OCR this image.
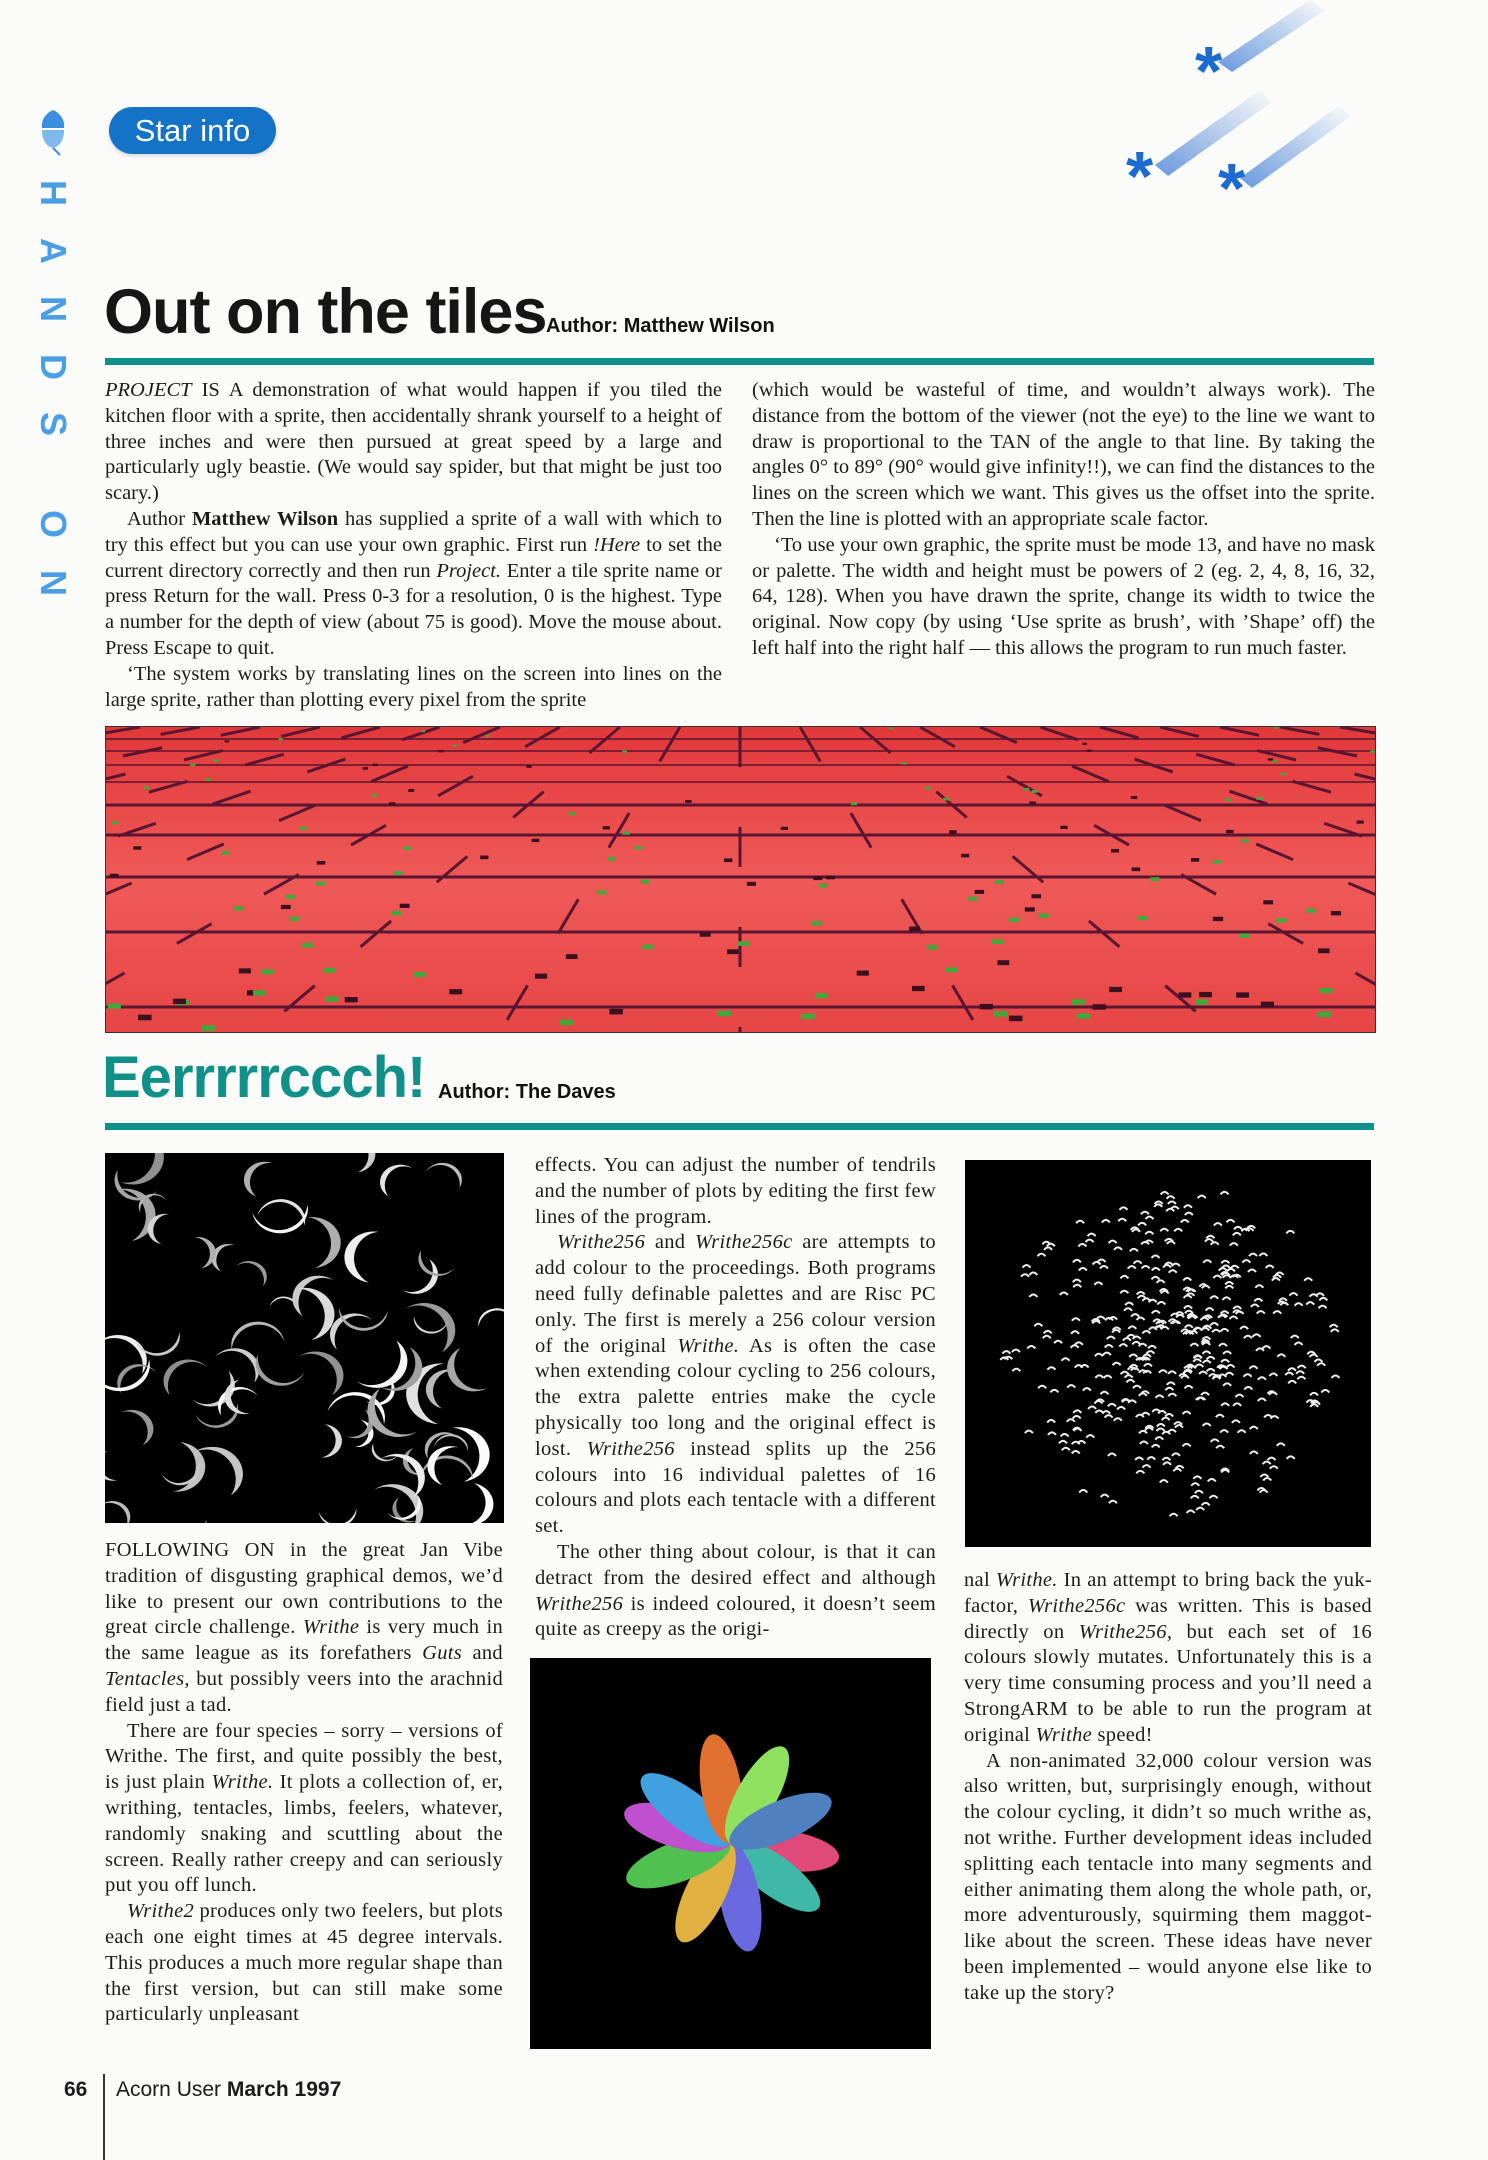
*
* *
HANDS ON
Star info
Out on the tiles Author: Matthew Wilson

PROJECT IS A demonstration of what would happen if you tiled the kitchen floor with a sprite, then accidentally shrank yourself to a height of three inches and were then pursued at great speed by a large and particularly ugly beastie. (We would say spider, but that might be just too scary.)

Author Matthew Wilson has supplied a sprite of a wall with which to try this effect but you can use your own graphic. First run !Here to set the current directory correctly and then run Project. Enter a tile sprite name or press Return for the wall. Press 0-3 for a resolution, 0 is the highest. Type a number for the depth of view (about 75 is good). Move the mouse about. Press Escape to quit.

‘The system works by translating lines on the screen into lines on the large sprite, rather than plotting every pixel from the sprite

(which would be wasteful of time, and wouldn’t always work). The distance from the bottom of the viewer (not the eye) to the line we want to draw is proportional to the TAN of the angle to that line. By taking the angles 0° to 89° (90° would give infinity!!), we can find the distances to the lines on the screen which we want. This gives us the offset into the sprite. Then the line is plotted with an appropriate scale factor.

‘To use your own graphic, the sprite must be mode 13, and have no mask or palette. The width and height must be powers of 2 (eg. 2, 4, 8, 16, 32, 64, 128). When you have drawn the sprite, change its width to twice the original. Now copy (by using ‘Use sprite as brush’, with ’Shape’ off) the left half into the right half — this allows the program to run much faster.

Eerrrrrccch! Author: The Daves

FOLLOWING ON in the great Jan Vibe tradition of disgusting graphical demos, we’d like to present our own contributions to the great circle challenge. Writhe is very much in the same league as its forefathers Guts and Tentacles, but possibly veers into the arachnid field just a tad.

There are four species – sorry – versions of Writhe. The first, and quite possibly the best, is just plain Writhe. It plots a collection of, er, writhing, tentacles, limbs, feelers, whatever, randomly snaking and scuttling about the screen. Really rather creepy and can seriously put you off lunch.

Writhe2 produces only two feelers, but plots each one eight times at 45 degree intervals. This produces a much more regular shape than the first version, but can still make some particularly unpleasant

effects. You can adjust the number of tendrils and the number of plots by editing the first few lines of the program.

Writhe256 and Writhe256c are attempts to add colour to the proceedings. Both programs need fully definable palettes and are Risc PC only. The first is merely a 256 colour version of the original Writhe. As is often the case when extending colour cycling to 256 colours, the extra palette entries make the cycle physically too long and the original effect is lost. Writhe256 instead splits up the 256 colours into 16 individual palettes of 16 colours and plots each tentacle with a different set.

The other thing about colour, is that it can detract from the desired effect and although Writhe256 is indeed coloured, it doesn’t seem quite as creepy as the origi-

nal Writhe. In an attempt to bring back the yuk-factor, Writhe256c was written. This is based directly on Writhe256, but each set of 16 colours slowly mutates. Unfortunately this is a very time consuming process and you’ll need a StrongARM to be able to run the program at original Writhe speed!

A non-animated 32,000 colour version was also written, but, surprisingly enough, without the colour cycling, it didn’t so much writhe as, not writhe. Further development ideas included splitting each tentacle into many segments and either animating them along the whole path, or, more adventurously, squirming them maggot-like about the screen. These ideas have never been implemented – would anyone else like to take up the story?

66 Acorn User March 1997
